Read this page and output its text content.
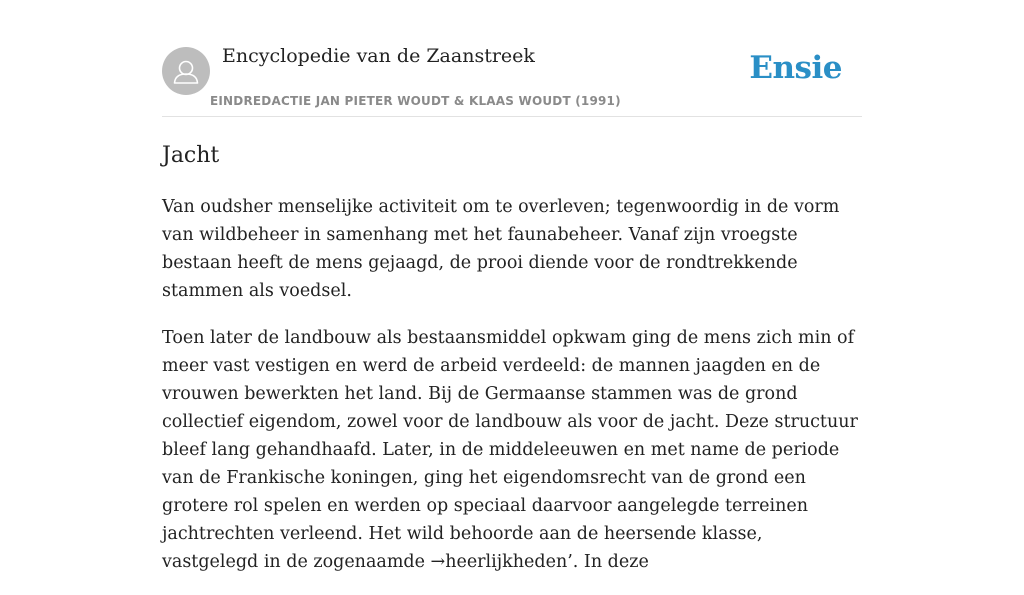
Encyclopedie van de Zaanstreek
EINDREDACTIE JAN PIETER WOUDT & KLAAS WOUDT (1991)
Ensie
Jacht

Van oudsher menselijke activiteit om te overleven; tegenwoordig in de vorm van wildbeheer in samenhang met het faunabeheer. Vanaf zijn vroegste bestaan heeft de mens gejaagd, de prooi diende voor de rondtrekkende stammen als voedsel.

Toen later de landbouw als bestaansmiddel opkwam ging de mens zich min of meer vast vestigen en werd de arbeid verdeeld: de mannen jaagden en de vrouwen bewerkten het land. Bij de Germaanse stammen was de grond collectief eigendom, zowel voor de landbouw als voor de jacht. Deze structuur bleef lang gehandhaafd. Later, in de middeleeuwen en met name de periode van de Frankische koningen, ging het eigendomsrecht van de grond een grotere rol spelen en werden op speciaal daarvoor aangelegde terreinen jachtrechten verleend. Het wild behoorde aan de heersende klasse, vastgelegd in de zogenaamde →heerlijkheden’. In deze
